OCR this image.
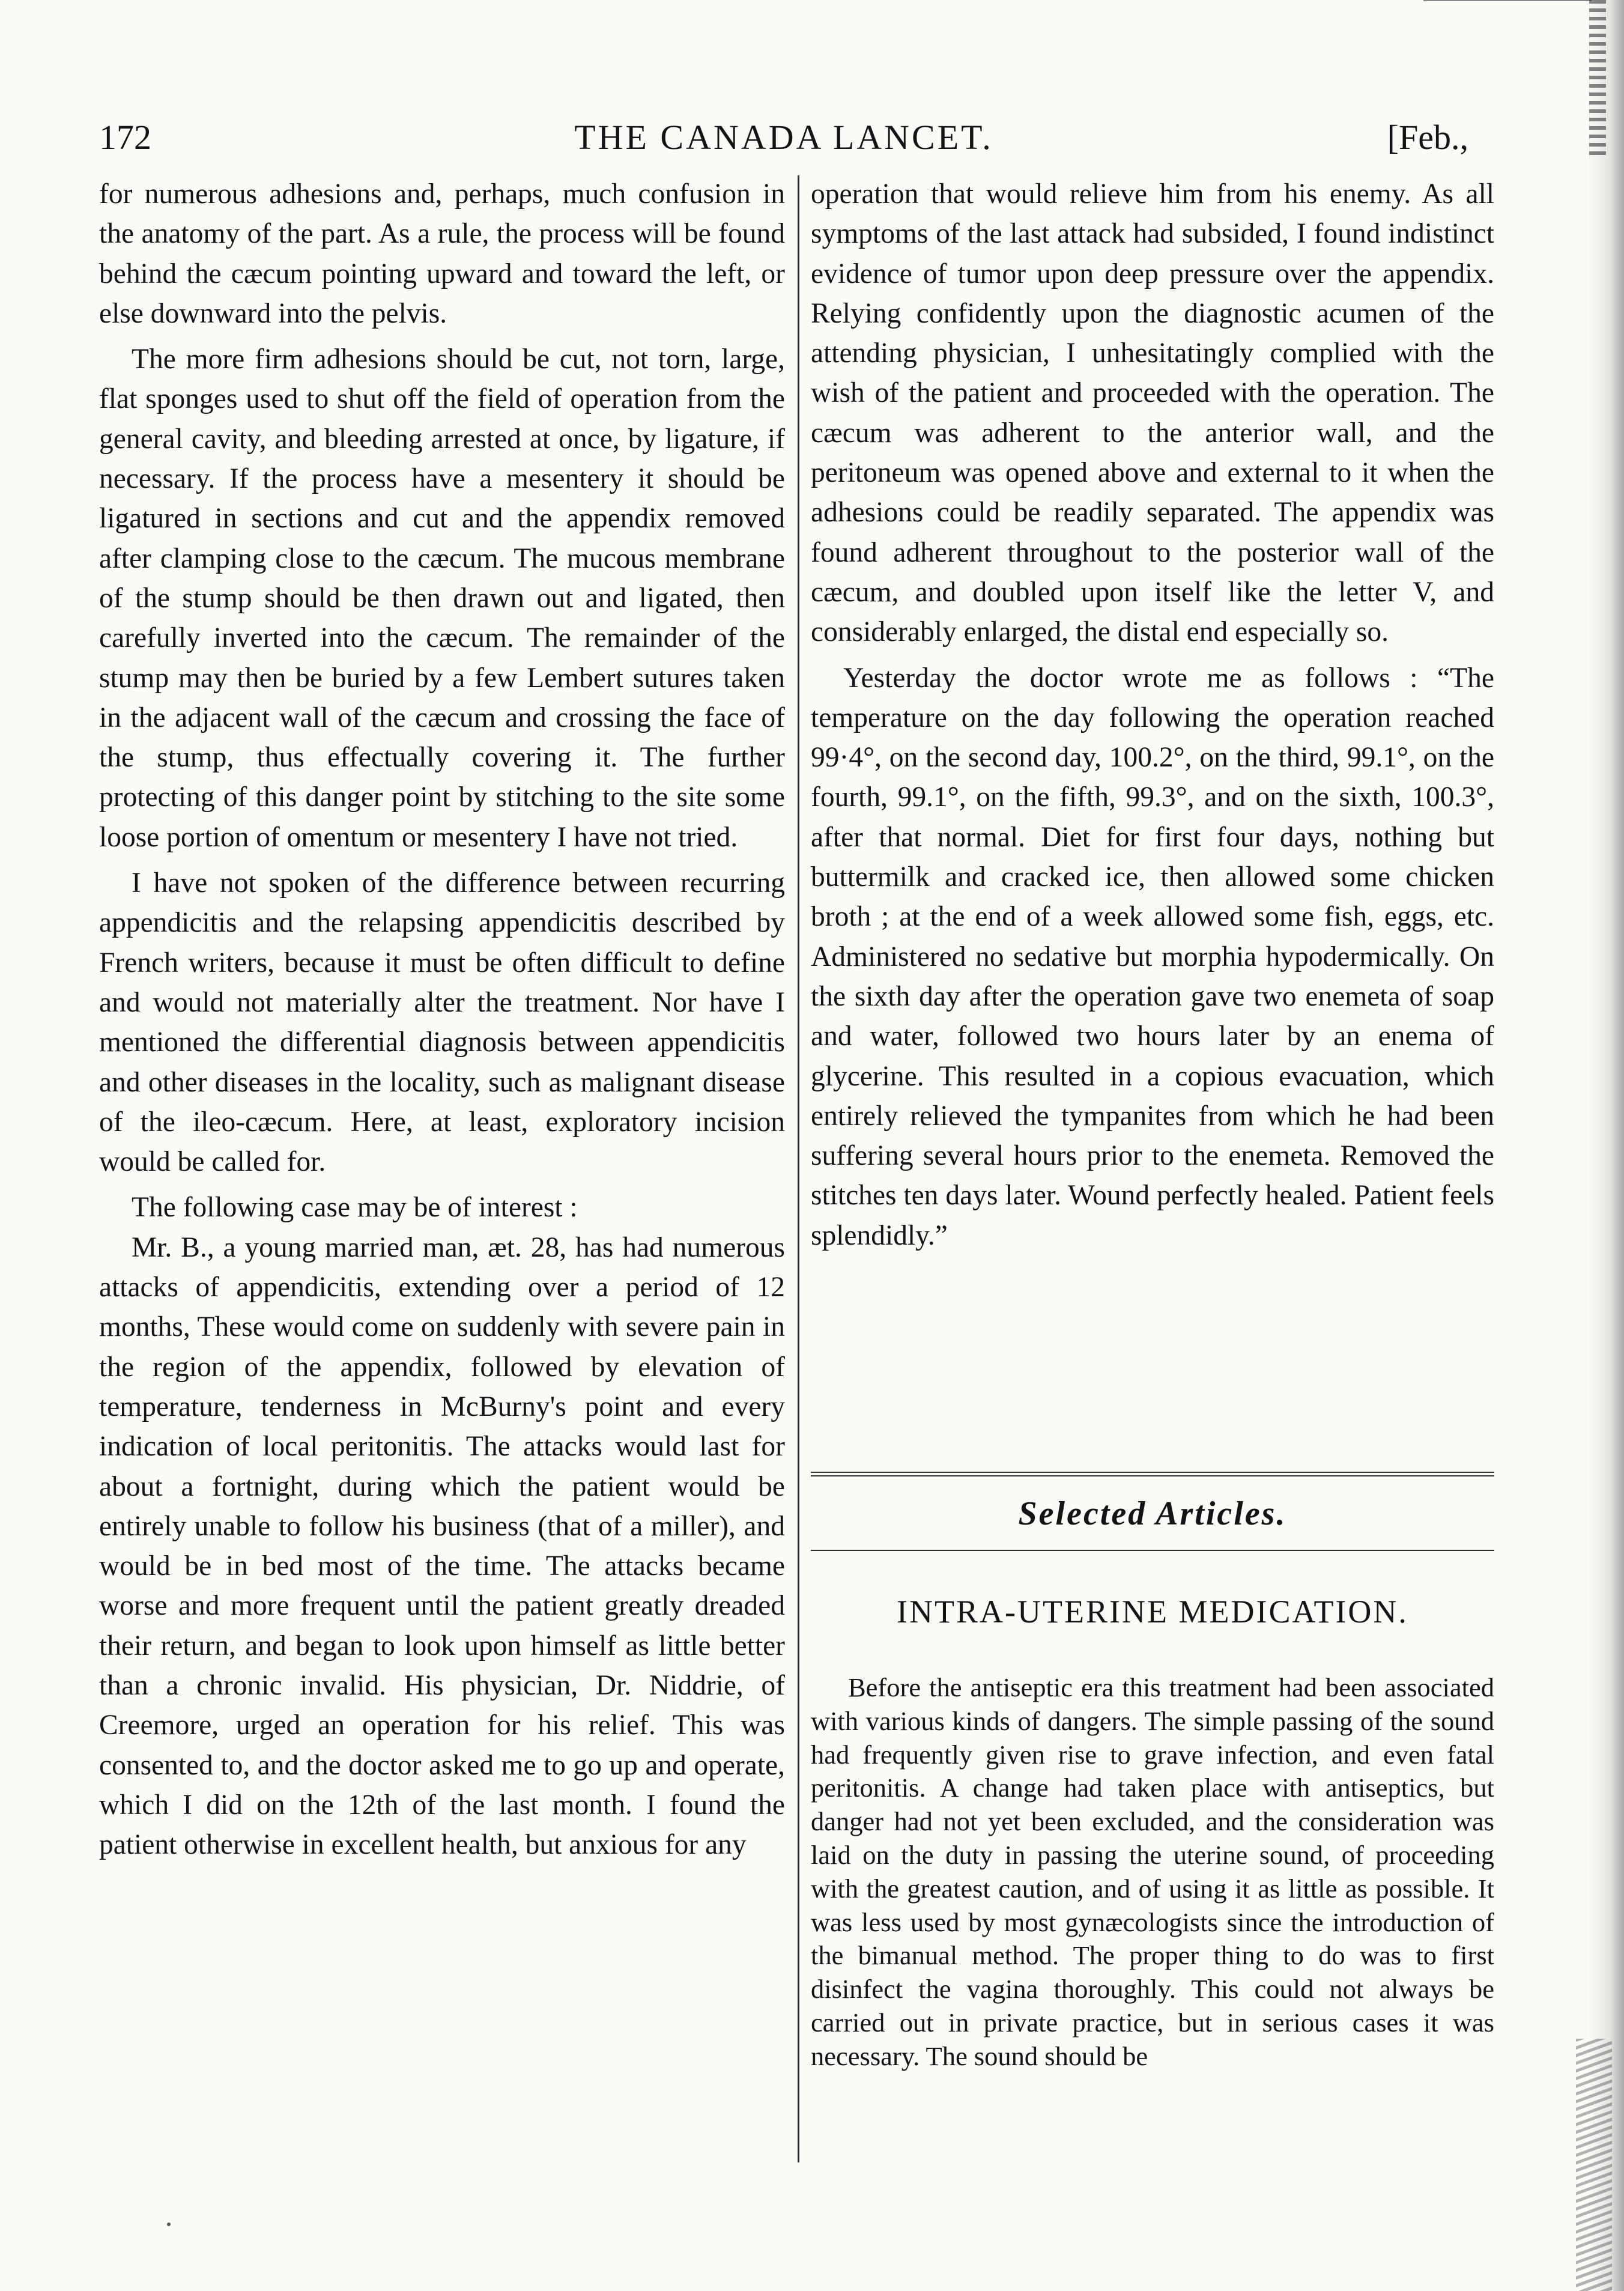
172	THE CANADA LANCET.	[Feb.,

for numerous adhesions and, perhaps, much confusion in the anatomy of the part. As a rule, the process will be found behind the cæcum pointing upward and toward the left, or else downward into the pelvis.

The more firm adhesions should be cut, not torn, large, flat sponges used to shut off the field of operation from the general cavity, and bleeding arrested at once, by ligature, if necessary. If the process have a mesentery it should be ligatured in sections and cut and the appendix removed after clamping close to the cæcum. The mucous membrane of the stump should be then drawn out and ligated, then carefully inverted into the cæcum. The remainder of the stump may then be buried by a few Lembert sutures taken in the adjacent wall of the cæcum and crossing the face of the stump, thus effectually covering it. The further protecting of this danger point by stitching to the site some loose portion of omentum or mesentery I have not tried.

I have not spoken of the difference between recurring appendicitis and the relapsing appendicitis described by French writers, because it must be often difficult to define and would not materially alter the treatment. Nor have I mentioned the differential diagnosis between appendicitis and other diseases in the locality, such as malignant disease of the ileo-cæcum. Here, at least, exploratory incision would be called for.

The following case may be of interest :

Mr. B., a young married man, æt. 28, has had numerous attacks of appendicitis, extending over a period of 12 months, These would come on suddenly with severe pain in the region of the appendix, followed by elevation of temperature, tenderness in McBurny's point and every indication of local peritonitis. The attacks would last for about a fortnight, during which the patient would be entirely unable to follow his business (that of a miller), and would be in bed most of the time. The attacks became worse and more frequent until the patient greatly dreaded their return, and began to look upon himself as little better than a chronic invalid. His physician, Dr. Niddrie, of Creemore, urged an operation for his relief. This was consented to, and the doctor asked me to go up and operate, which I did on the 12th of the last month. I found the patient otherwise in excellent health, but anxious for any

operation that would relieve him from his enemy. As all symptoms of the last attack had subsided, I found indistinct evidence of tumor upon deep pressure over the appendix. Relying confidently upon the diagnostic acumen of the attending physician, I unhesitatingly complied with the wish of the patient and proceeded with the operation. The cæcum was adherent to the anterior wall, and the peritoneum was opened above and external to it when the adhesions could be readily separated. The appendix was found adherent throughout to the posterior wall of the cæcum, and doubled upon itself like the letter V, and considerably enlarged, the distal end especially so.

Yesterday the doctor wrote me as follows : “The temperature on the day following the operation reached 99·4°, on the second day, 100.2°, on the third, 99.1°, on the fourth, 99.1°, on the fifth, 99.3°, and on the sixth, 100.3°, after that normal. Diet for first four days, nothing but buttermilk and cracked ice, then allowed some chicken broth ; at the end of a week allowed some fish, eggs, etc. Administered no sedative but morphia hypodermically. On the sixth day after the operation gave two enemeta of soap and water, followed two hours later by an enema of glycerine. This resulted in a copious evacuation, which entirely relieved the tympanites from which he had been suffering several hours prior to the enemeta. Removed the stitches ten days later. Wound perfectly healed. Patient feels splendidly.”

Selected Articles.
INTRA-UTERINE MEDICATION.

Before the antiseptic era this treatment had been associated with various kinds of dangers. The simple passing of the sound had frequently given rise to grave infection, and even fatal peritonitis. A change had taken place with antiseptics, but danger had not yet been excluded, and the consideration was laid on the duty in passing the uterine sound, of proceeding with the greatest caution, and of using it as little as possible. It was less used by most gynæcologists since the introduction of the bimanual method. The proper thing to do was to first disinfect the vagina thoroughly. This could not always be carried out in private practice, but in serious cases it was necessary. The sound should be
